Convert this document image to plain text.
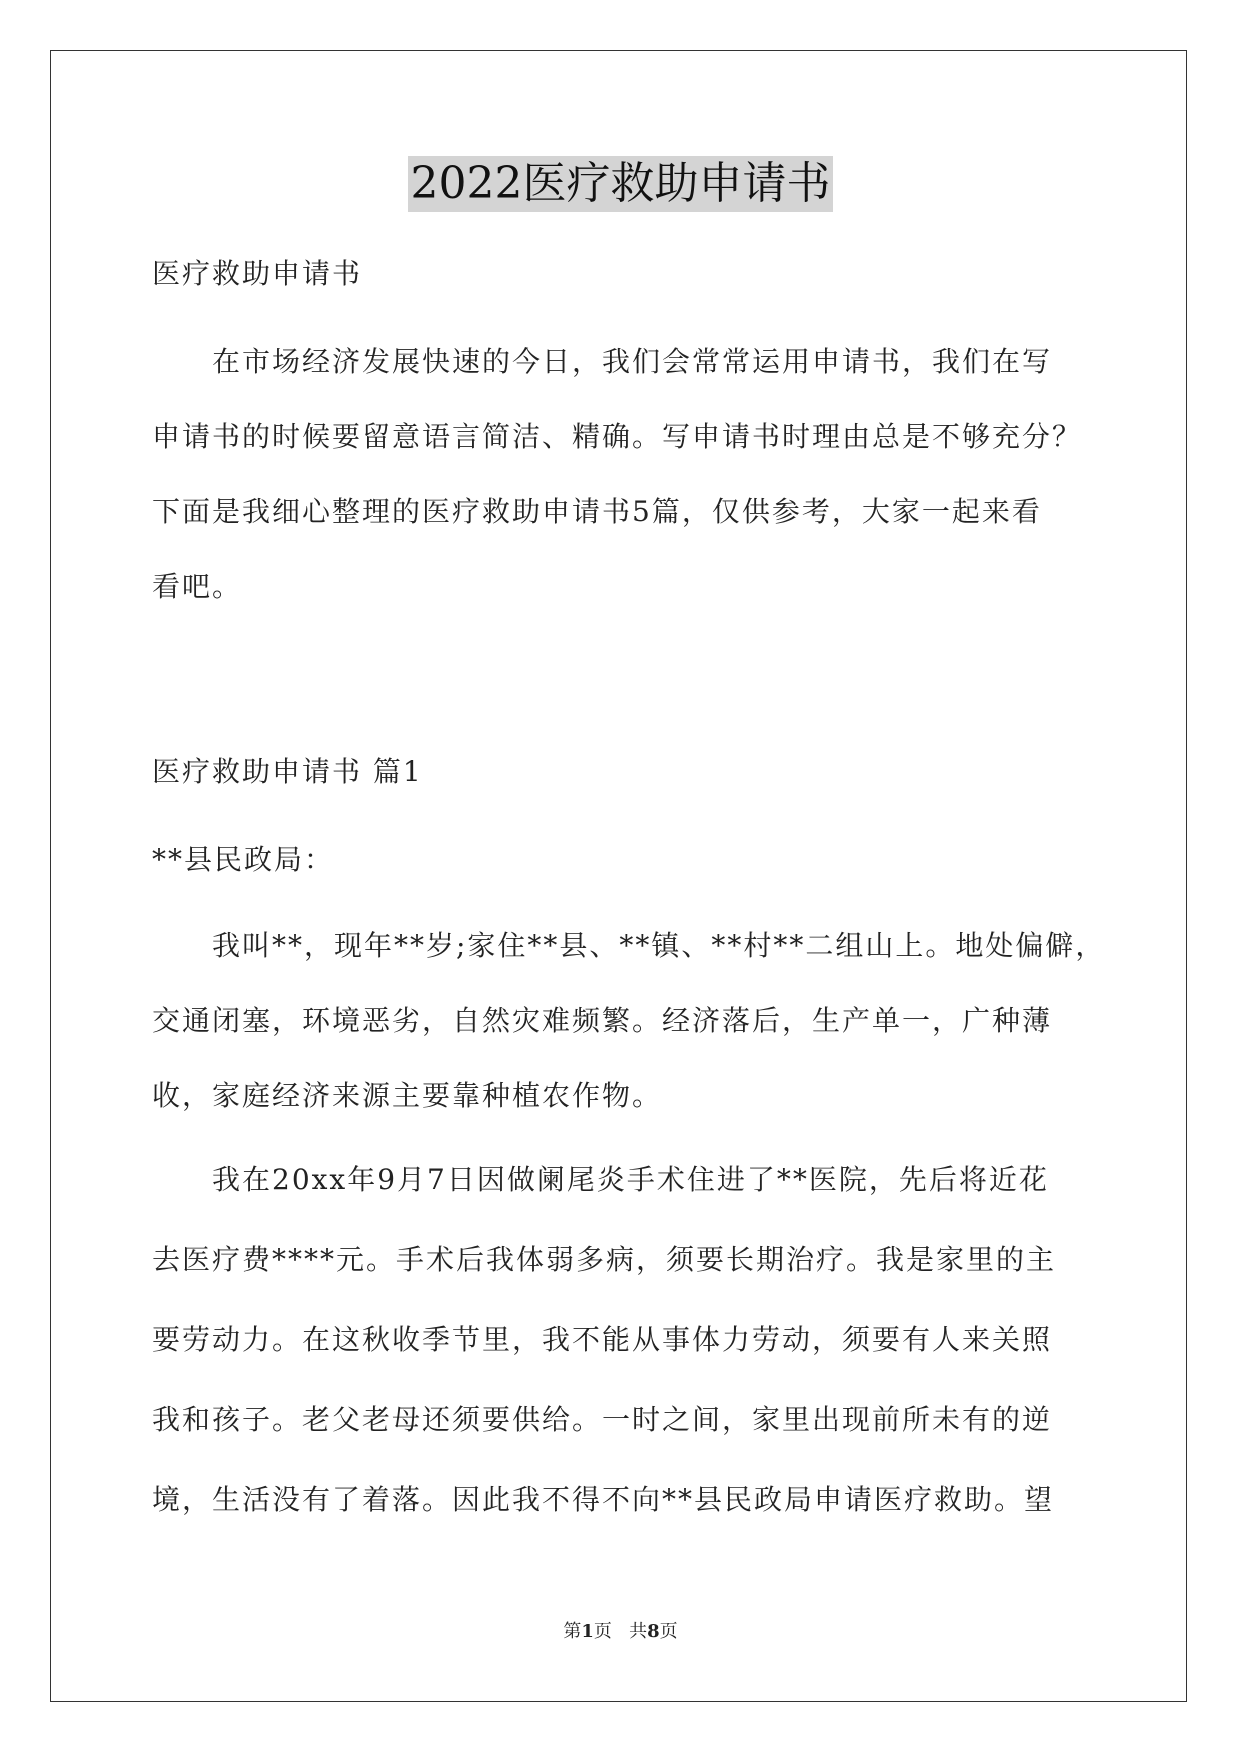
2022医疗救助申请书
医疗救助申请书
在市场经济发展快速的今日，我们会常常运用申请书，我们在写
申请书的时候要留意语言简洁、精确。写申请书时理由总是不够充分？
下面是我细心整理的医疗救助申请书5篇，仅供参考，大家一起来看
看吧。
医疗救助申请书 篇1
**县民政局：
我叫**，现年**岁;家住**县、**镇、**村**二组山上。地处偏僻，
交通闭塞，环境恶劣，自然灾难频繁。经济落后，生产单一，广种薄
收，家庭经济来源主要靠种植农作物。
我在20xx年9月7日因做阑尾炎手术住进了**医院，先后将近花
去医疗费****元。手术后我体弱多病，须要长期治疗。我是家里的主
要劳动力。在这秋收季节里，我不能从事体力劳动，须要有人来关照
我和孩子。老父老母还须要供给。一时之间，家里出现前所未有的逆
境，生活没有了着落。因此我不得不向**县民政局申请医疗救助。望
第1页 共8页
